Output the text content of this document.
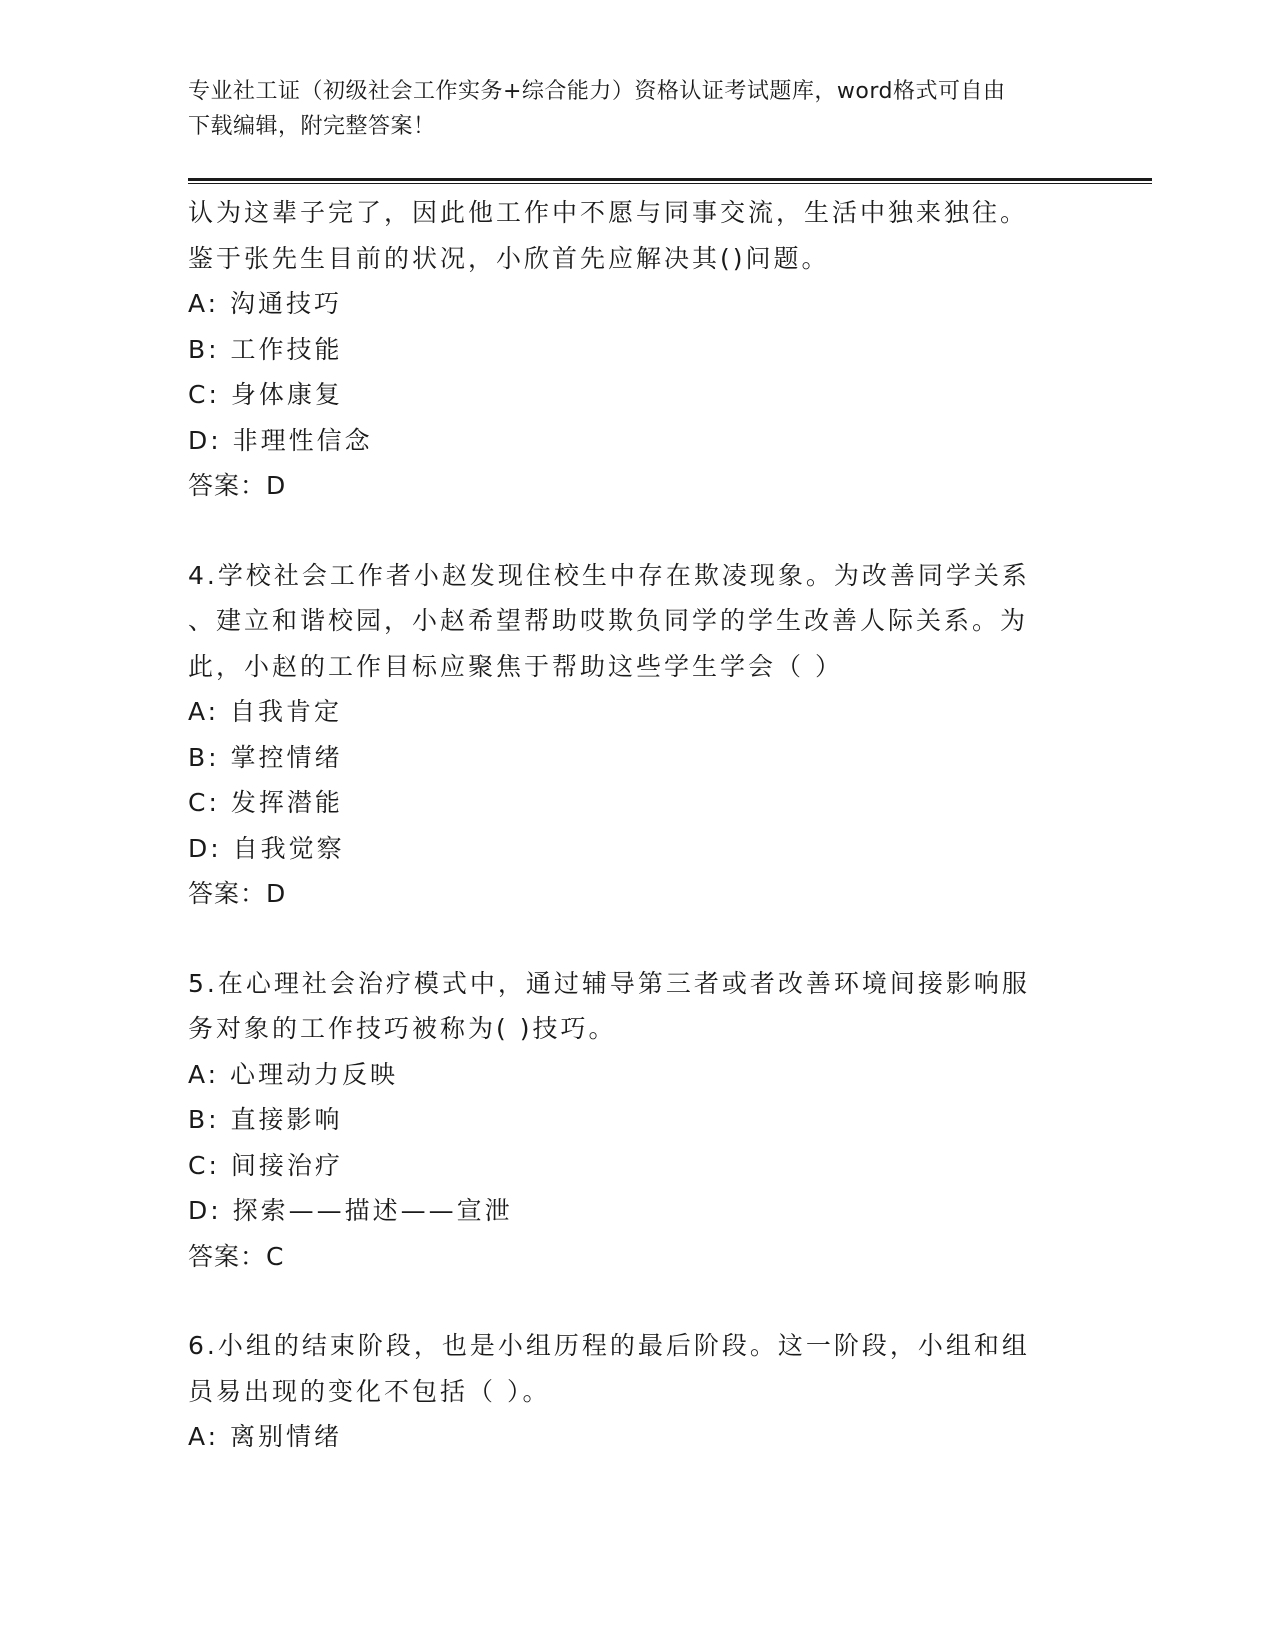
专业社工证（初级社会工作实务+综合能力）资格认证考试题库，word格式可自由
下载编辑，附完整答案！
认为这辈子完了，因此他工作中不愿与同事交流，生活中独来独往。
鉴于张先生目前的状况，小欣首先应解决其()问题。
A: 沟通技巧
B: 工作技能
C: 身体康复
D: 非理性信念
答案：D
4.学校社会工作者小赵发现住校生中存在欺凌现象。为改善同学关系
、建立和谐校园，小赵希望帮助哎欺负同学的学生改善人际关系。为
此，小赵的工作目标应聚焦于帮助这些学生学会（ ）
A: 自我肯定
B: 掌控情绪
C: 发挥潜能
D: 自我觉察
答案：D
5.在心理社会治疗模式中，通过辅导第三者或者改善环境间接影响服
务对象的工作技巧被称为( )技巧。
A: 心理动力反映
B: 直接影响
C: 间接治疗
D: 探索——描述——宣泄
答案：C
6.小组的结束阶段，也是小组历程的最后阶段。这一阶段，小组和组
员易出现的变化不包括（ ）。
A: 离别情绪
